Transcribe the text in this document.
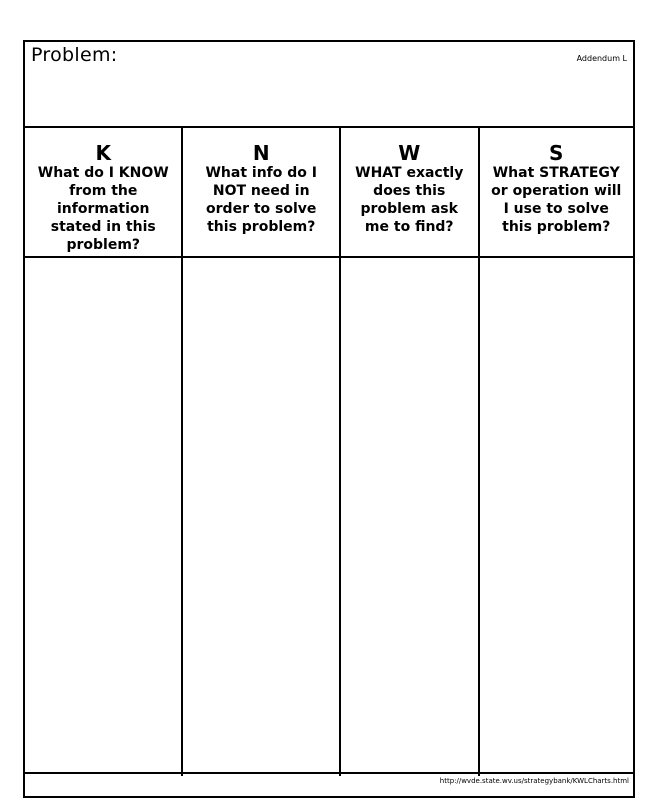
Problem:	Addendum L
K
What do I KNOW
from the
information
stated in this
problem?
N
What info do I
NOT need in
order to solve
this problem?
W
WHAT exactly
does this
problem ask
me to find?
S
What STRATEGY
or operation will
I use to solve
this problem?
http://wvde.state.wv.us/strategybank/KWLCharts.html
